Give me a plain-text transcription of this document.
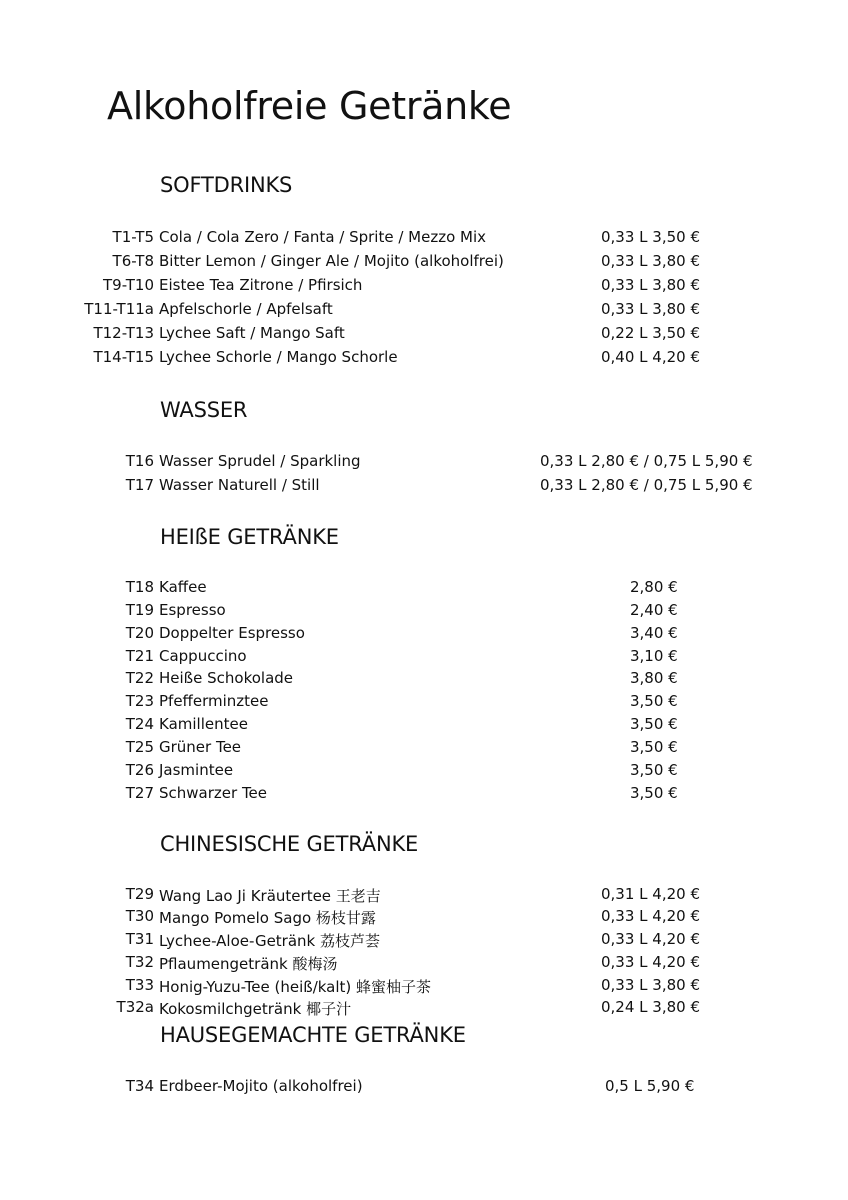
Alkoholfreie Getränke
SOFTDRINKS
T1-T5 Cola / Cola Zero / Fanta / Sprite / Mezzo Mix	0,33 L 3,50 €
T6-T8 Bitter Lemon / Ginger Ale / Mojito (alkoholfrei)	0,33 L 3,80 €
T9-T10 Eistee Tea Zitrone / Pfirsich	0,33 L 3,80 €
T11-T11a Apfelschorle / Apfelsaft	0,33 L 3,80 €
T12-T13 Lychee Saft / Mango Saft	0,22 L 3,50 €
T14-T15 Lychee Schorle / Mango Schorle	0,40 L 4,20 €
WASSER
T16 Wasser Sprudel / Sparkling	0,33 L 2,80 € / 0,75 L 5,90 €
T17 Wasser Naturell / Still	0,33 L 2,80 € / 0,75 L 5,90 €
HEIßE GETRÄNKE
T18 Kaffee	2,80 €
T19 Espresso	2,40 €
T20 Doppelter Espresso	3,40 €
T21 Cappuccino	3,10 €
T22 Heiße Schokolade	3,80 €
T23 Pfefferminztee	3,50 €
T24 Kamillentee	3,50 €
T25 Grüner Tee	3,50 €
T26 Jasmintee	3,50 €
T27 Schwarzer Tee	3,50 €
CHINESISCHE GETRÄNKE
T29 Wang Lao Ji Kräutertee 王老吉	0,31 L 4,20 €
T30 Mango Pomelo Sago 杨枝甘露	0,33 L 4,20 €
T31 Lychee-Aloe-Getränk 荔枝芦荟	0,33 L 4,20 €
T32 Pflaumengetränk 酸梅汤	0,33 L 4,20 €
T33 Honig-Yuzu-Tee (heiß/kalt) 蜂蜜柚子茶	0,33 L 3,80 €
T32a Kokosmilchgetränk 椰子汁	0,24 L 3,80 €
HAUSEGEMACHTE GETRÄNKE
T34 Erdbeer-Mojito (alkoholfrei)	0,5 L 5,90 €
